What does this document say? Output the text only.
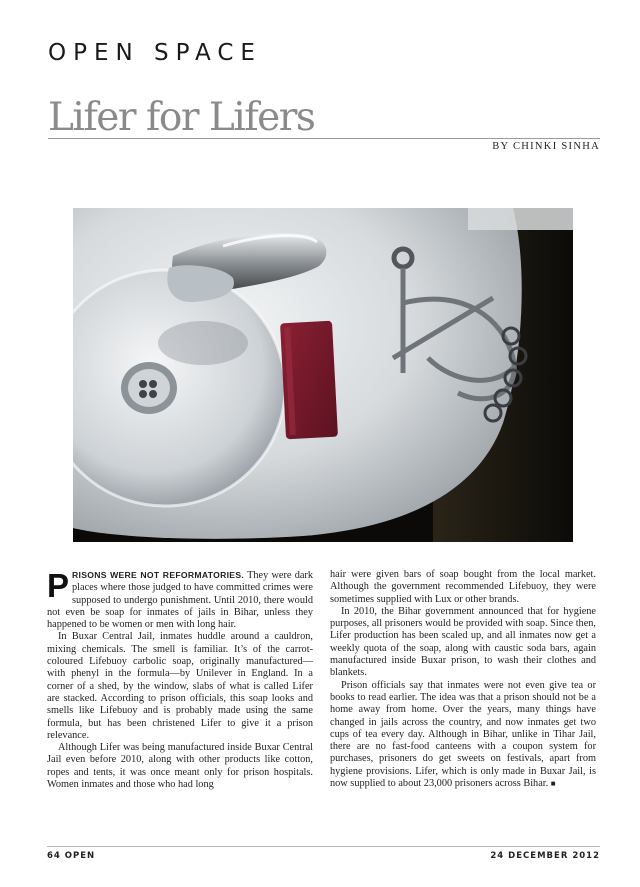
OPEN SPACE
Lifer for Lifers
BY CHINKI SINHA

PRISONS WERE NOT REFORMATORIES. They were dark places where those judged to have committed crimes were supposed to undergo punishment. Until 2010, there would not even be soap for inmates of jails in Bihar, unless they happened to be women or men with long hair.

In Buxar Central Jail, inmates huddle around a cauldron, mixing chemicals. The smell is familiar. It’s of the carrot-coloured Lifebuoy carbolic soap, originally manufactured—with phenyl in the formula—by Unilever in England. In a corner of a shed, by the window, slabs of what is called Lifer are stacked. According to prison officials, this soap looks and smells like Lifebuoy and is probably made using the same formula, but has been christened Lifer to give it a prison relevance.

Although Lifer was being manufactured inside Buxar Central Jail even before 2010, along with other products like cotton, ropes and tents, it was once meant only for prison hospitals. Women inmates and those who had long

hair were given bars of soap bought from the local market. Although the government recommended Lifebuoy, they were sometimes supplied with Lux or other brands.

In 2010, the Bihar government announced that for hygiene purposes, all prisoners would be provided with soap. Since then, Lifer production has been scaled up, and all inmates now get a weekly quota of the soap, along with caustic soda bars, again manufactured inside Buxar prison, to wash their clothes and blankets.

Prison officials say that inmates were not even give tea or books to read earlier. The idea was that a prison should not be a home away from home. Over the years, many things have changed in jails across the country, and now inmates get two cups of tea every day. Although in Bihar, unlike in Tihar Jail, there are no fast-food canteens with a coupon system for purchases, prisoners do get sweets on festivals, apart from hygiene provisions. Lifer, which is only made in Buxar Jail, is now supplied to about 23,000 prisoners across Bihar. ■

64 OPEN	24 DECEMBER 2012
